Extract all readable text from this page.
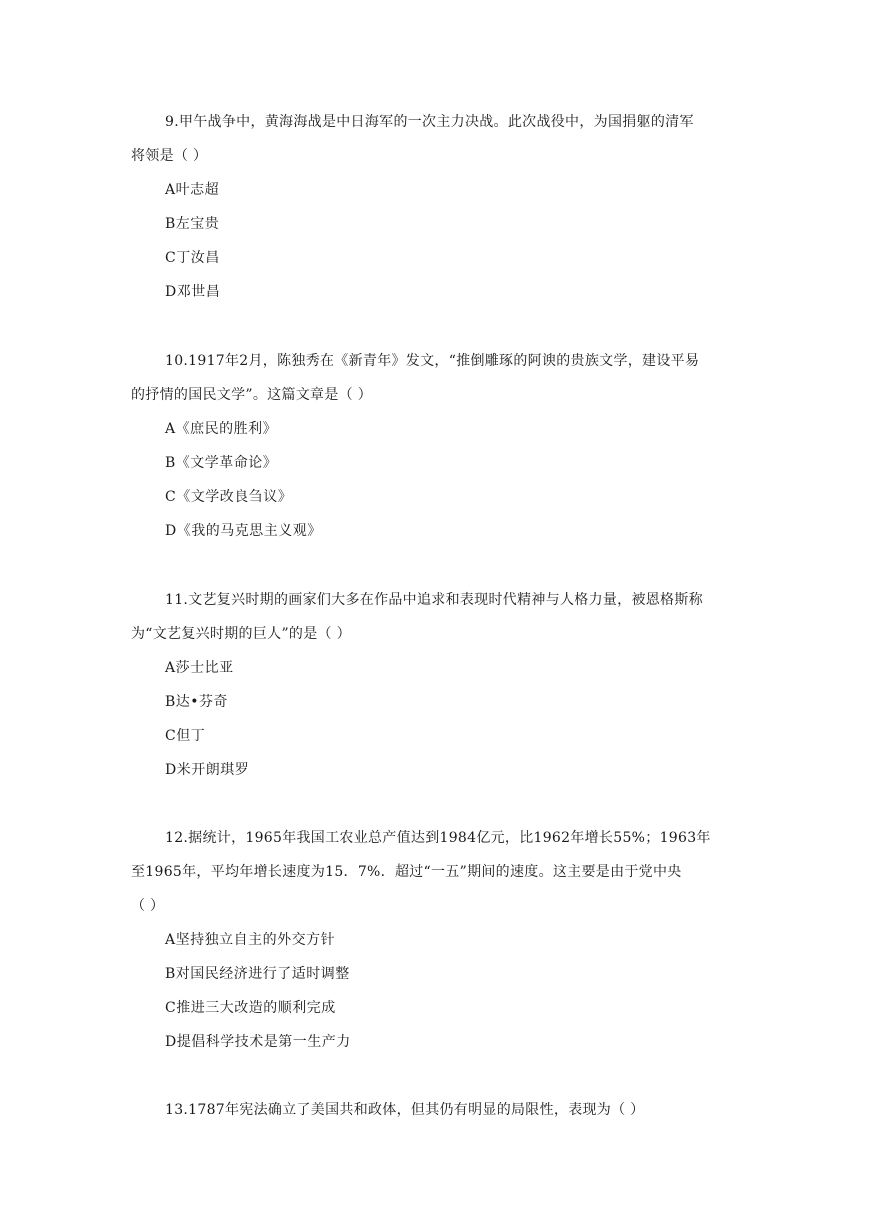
9.甲午战争中，黄海海战是中日海军的一次主力决战。此次战役中，为国捐躯的清军
将领是（ ）
A叶志超
B左宝贵
C丁汝昌
D邓世昌
10.1917年2月，陈独秀在《新青年》发文，“推倒雕琢的阿谀的贵族文学，建设平易
的抒情的国民文学”。这篇文章是（ ）
A《庶民的胜利》
B《文学革命论》
C《文学改良刍议》
D《我的马克思主义观》
11.文艺复兴时期的画家们大多在作品中追求和表现时代精神与人格力量，被恩格斯称
为“文艺复兴时期的巨人”的是（ ）
A莎士比亚
B达•芬奇
C但丁
D米开朗琪罗
12.据统计，1965年我国工农业总产值达到1984亿元，比1962年增长55%；1963年
至1965年，平均年增长速度为15．7%．超过“一五”期间的速度。这主要是由于党中央
（ ）
A坚持独立自主的外交方针
B对国民经济进行了适时调整
C推进三大改造的顺利完成
D提倡科学技术是第一生产力
13.1787年宪法确立了美国共和政体，但其仍有明显的局限性，表现为（ ）
